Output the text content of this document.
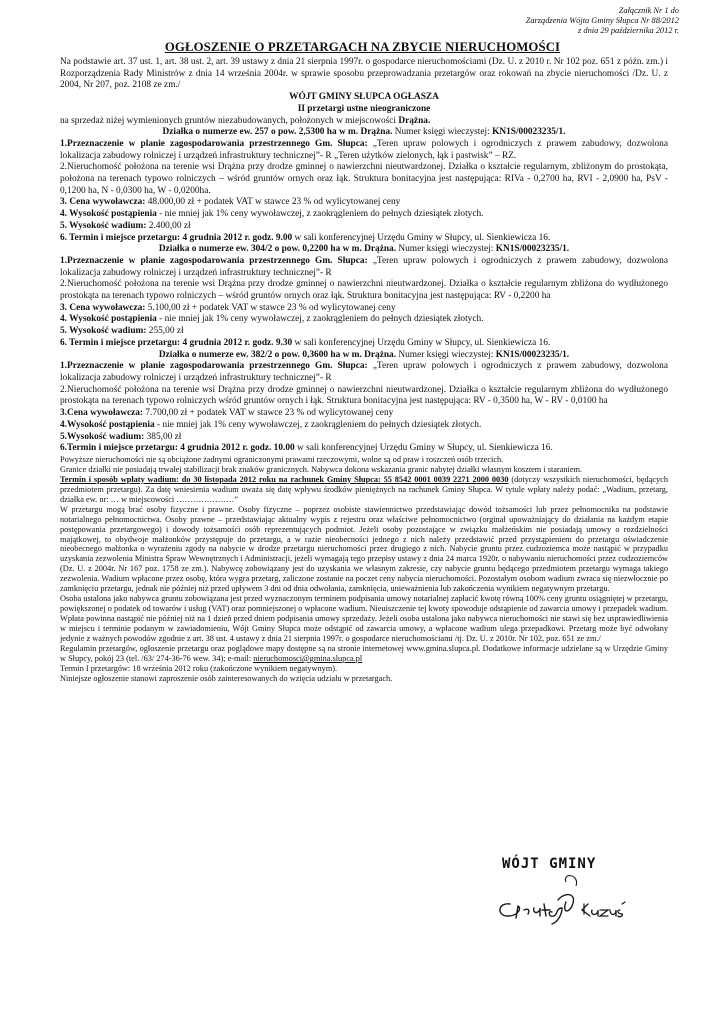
Załącznik Nr 1 do
Zarządzenia Wójta Gminy Słupca Nr 88/2012
z dnia 29 października 2012 r.
OGŁOSZENIE O PRZETARGACH NA ZBYCIE NIERUCHOMOŚCI

Na podstawie art. 37 ust. 1, art. 38 ust. 2, art. 39 ustawy z dnia 21 sierpnia 1997r. o gospodarce nieruchomościami (Dz. U. z 2010 r. Nr 102 poz. 651 z późn. zm.) i Rozporządzenia Rady Ministrów z dnia 14 września 2004r. w sprawie sposobu przeprowadzania przetargów oraz rokowań na zbycie nieruchomości /Dz. U. z 2004, Nr 207, poz. 2108 ze zm./

WÓJT GMINY SŁUPCA OGŁASZA

II przetargi ustne nieograniczone

na sprzedaż niżej wymienionych gruntów niezabudowanych, położonych w miejscowości Drążna.

Działka o numerze ew. 257 o pow. 2,5300 ha w m. Drążna. Numer księgi wieczystej: KN1S/00023235/1.

1.Przeznaczenie w planie zagospodarowania przestrzennego Gm. Słupca: „Teren upraw polowych i ogrodniczych z prawem zabudowy, dozwolona lokalizacja zabudowy rolniczej i urządzeń infrastruktury technicznej”- R „Teren użytków zielonych, łąk i pastwisk” – RZ.

2.Nieruchomość położona na terenie wsi Drążna przy drodze gminnej o nawierzchni nieutwardzonej. Działka o kształcie regularnym, zbliżonym do prostokąta, położona na terenach typowo rolniczych – wśród gruntów ornych oraz łąk. Struktura bonitacyjna jest następująca: RIVa - 0,2700 ha, RVI - 2,0900 ha, PsV - 0,1200 ha, N - 0,0300 ha, W - 0,0200ha.

3. Cena wywoławcza: 48.000,00 zł + podatek VAT w stawce 23 % od wylicytowanej ceny

4. Wysokość postąpienia - nie mniej jak 1% ceny wywoławczej, z zaokrągleniem do pełnych dziesiątek złotych.

5. Wysokość wadium: 2.400,00 zł

6. Termin i miejsce przetargu: 4 grudnia 2012 r. godz. 9.00 w sali konferencyjnej Urzędu Gminy w Słupcy, ul. Sienkiewicza 16.

Działka o numerze ew. 304/2 o pow. 0,2200 ha w m. Drążna. Numer księgi wieczystej: KN1S/00023235/1.

1.Przeznaczenie w planie zagospodarowania przestrzennego Gm. Słupca: „Teren upraw polowych i ogrodniczych z prawem zabudowy, dozwolona lokalizacja zabudowy rolniczej i urządzeń infrastruktury technicznej”- R

2.Nieruchomość położona na terenie wsi Drążna przy drodze gminnej o nawierzchni nieutwardzonej. Działka o kształcie regularnym zbliżona do wydłużonego prostokąta na terenach typowo rolniczych – wśród gruntów ornych oraz łąk. Struktura bonitacyjna jest następująca: RV - 0,2200 ha

3. Cena wywoławcza: 5.100,00 zł + podatek VAT w stawce 23 % od wylicytowanej ceny

4. Wysokość postąpienia - nie mniej jak 1% ceny wywoławczej, z zaokrągleniem do pełnych dziesiątek złotych.

5. Wysokość wadium: 255,00 zł

6. Termin i miejsce przetargu: 4 grudnia 2012 r. godz. 9.30 w sali konferencyjnej Urzędu Gminy w Słupcy, ul. Sienkiewicza 16.

Działka o numerze ew. 382/2 o pow. 0,3600 ha w m. Drążna. Numer księgi wieczystej: KN1S/00023235/1.

1.Przeznaczenie w planie zagospodarowania przestrzennego Gm. Słupca: „Teren upraw polowych i ogrodniczych z prawem zabudowy, dozwolona lokalizacja zabudowy rolniczej i urządzeń infrastruktury technicznej”- R

2.Nieruchomość położona na terenie wsi Drążna przy drodze gminnej o nawierzchni nieutwardzonej. Działka o kształcie regularnym zbliżona do wydłużonego prostokąta na terenach typowo rolniczych wśród gruntów ornych i łąk. Struktura bonitacyjna jest następująca: RV - 0,3500 ha, W - RV - 0,0100 ha

3.Cena wywoławcza: 7.700,00 zł + podatek VAT w stawce 23 % od wylicytowanej ceny

4.Wysokość postąpienia - nie mniej jak 1% ceny wywoławczej, z zaokrągleniem do pełnych dziesiątek złotych.

5.Wysokość wadium: 385,00 zł

6.Termin i miejsce przetargu: 4 grudnia 2012 r. godz. 10.00 w sali konferencyjnej Urzędu Gminy w Słupcy, ul. Sienkiewicza 16.

Powyższe nieruchomości nie są obciążone żadnymi ograniczonymi prawami rzeczowymi, wolne są od praw i roszczeń osób trzecich.

Granice działki nie posiadają trwałej stabilizacji brak znaków granicznych. Nabywca dokona wskazania granic nabytej działki własnym kosztem i staraniem.

Termin i sposób wpłaty wadium: do 30 listopada 2012 roku na rachunek Gminy Słupca: 55 8542 0001 0039 2271 2000 0030 (dotyczy wszystkich nieruchomości, będących przedmiotem przetargu). Za datę wniesienia wadium uważa się datę wpływu środków pieniężnych na rachunek Gminy Słupca. W tytule wpłaty należy podać: „Wadium, przetarg, działka ew. nr: … w miejscowości …………………”

W przetargu mogą brać osoby fizyczne i prawne. Osoby fizyczne – poprzez osobiste stawiennictwo przedstawiając dowód tożsamości lub przez pełnomocnika na podstawie notarialnego pełnomocnictwa. Osoby prawne – przedstawiając aktualny wypis z rejestru oraz właściwe pełnomocnictwo (orginał upoważniający do działania na każdym etapie postępowania przetargowego) i dowody tożsamości osób reprezentujących podmiot. Jeżeli osoby pozostające w związku małżeńskim nie posiadają umowy o rozdzielności majątkowej, to obydwoje małżonków przystępuje do przetargu, a w razie nieobecności jednego z nich należy przedstawić przed przystąpieniem do przetargu oświadczenie nieobecnego małżonka o wyrażeniu zgody na nabycie w drodze przetargu nieruchomości przez drugiego z nich. Nabycie gruntu przez cudzoziemca może nastąpić w przypadku uzyskania zezwolenia Ministra Spraw Wewnętrznych i Administracji, jeżeli wymagają tego przepisy ustawy z dnia 24 marca 1920r. o nabywaniu nieruchomości przez cudzoziemców (Dz. U. z 2004r. Nr 167 poz. 1758 ze zm.). Nabywcę zobowiązany jest do uzyskania we własnym zakresie, czy nabycie gruntu będącego przedmiotem przetargu wymaga takiego zezwolenia. Wadium wpłacone przez osobę, która wygra przetarg, zaliczone zostanie na poczet ceny nabycia nieruchomości. Pozostałym osobom wadium zwraca się niezwłocznie po zamknięciu przetargu, jednak nie później niż przed upływem 3 dni od dnia odwołania, zamknięcia, unieważnienia lub zakończenia wynikiem negatywnym przetargu.

Osoba ustalona jako nabywca gruntu zobowiązana jest przed wyznaczonym terminem podpisania umowy notarialnej zapłacić kwotę równą 100% ceny gruntu osiągniętej w przetargu, powiększonej o podatek od towarów i usług (VAT) oraz pomniejszonej o wpłacone wadium. Nieuiszczenie tej kwoty spowoduje odstąpienie od zawarcia umowy i przepadek wadium. Wpłata powinna nastąpić nie później niż na 1 dzień przed dniem podpisania umowy sprzedaży. Jeżeli osoba ustalona jako nabywca nieruchomości nie stawi się bez usprawiedliwienia w miejscu i terminie podanym w zawiadomieniu, Wójt Gminy Słupca może odstąpić od zawarcia umowy, a wpłacone wadium ulega przepadkowi. Przetarg może być odwołany jedynie z ważnych powodów zgodnie z art. 38 ust. 4 ustawy z dnia 21 sierpnia 1997r. o gospodarce nieruchomościami /tj. Dz. U. z 2010r. Nr 102, poz. 651 ze zm./

Regulamin przetargów, ogłoszenie przetargu oraz poglądowe mapy dostępne są na stronie internetowej www.gmina.slupca.pl. Dodatkowe informacje udzielane są w Urzędzie Gminy w Słupcy, pokój 23 (tel. /63/ 274-36-76 wew. 34); e-mail: nieruchomosci@gmina.slupca.pl

Termin I przetargów: 18 września 2012 roku (zakończone wynikiem negatywnym).

Niniejsze ogłoszenie stanowi zaproszenie osób zainteresowanych do wzięcia udziału w przetargach.

WÓJT GMINY
